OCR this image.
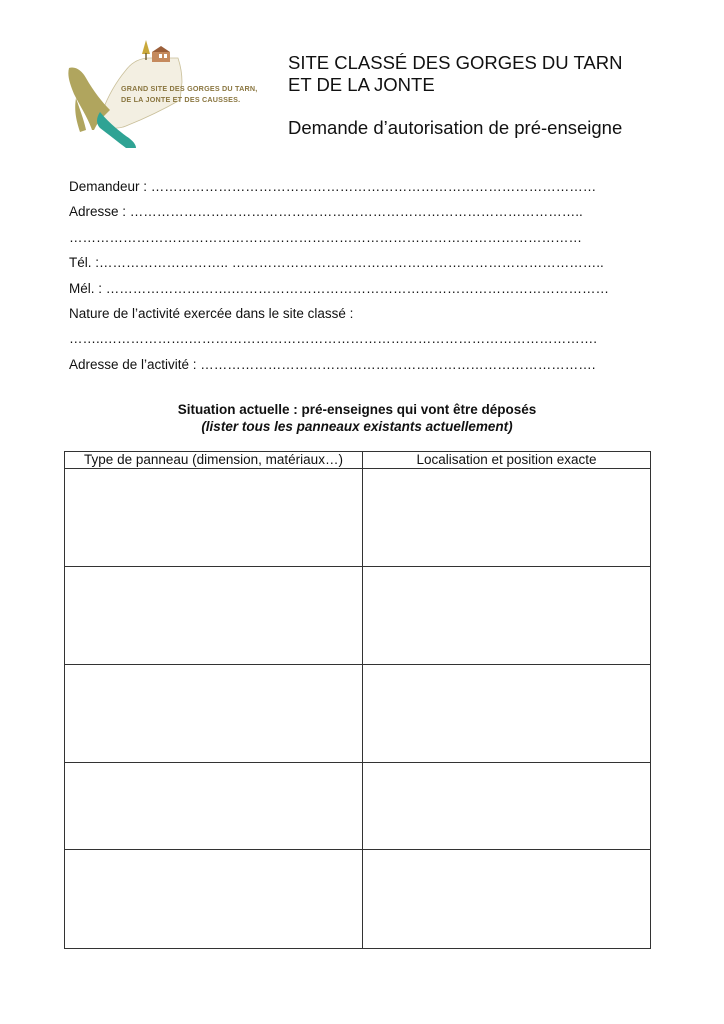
GRAND SITE DES GORGES DU TARN,
DE LA JONTE ET DES CAUSSES.
SITE CLASSÉ DES GORGES DU TARN
ET DE LA JONTE
Demande d’autorisation de pré-enseigne
Demandeur : ………………………………………………………………………………………
Adresse : ………………………………………………………………………………………..
……………………………………………………………………………………………………
Tél. :……………………….. ………………………………………………………………………..
Mél. : ……………………….…………………………………………………………………………
Nature de l’activité exercée dans le site classé :
……..……………….……………………………………………………………………………….
Adresse de l’activité : …………………………………………………………………………….
Situation actuelle : pré-enseignes qui vont être déposés
(lister tous les panneaux existants actuellement)
Type de panneau (dimension, matériaux…)	Localisation et position exacte
